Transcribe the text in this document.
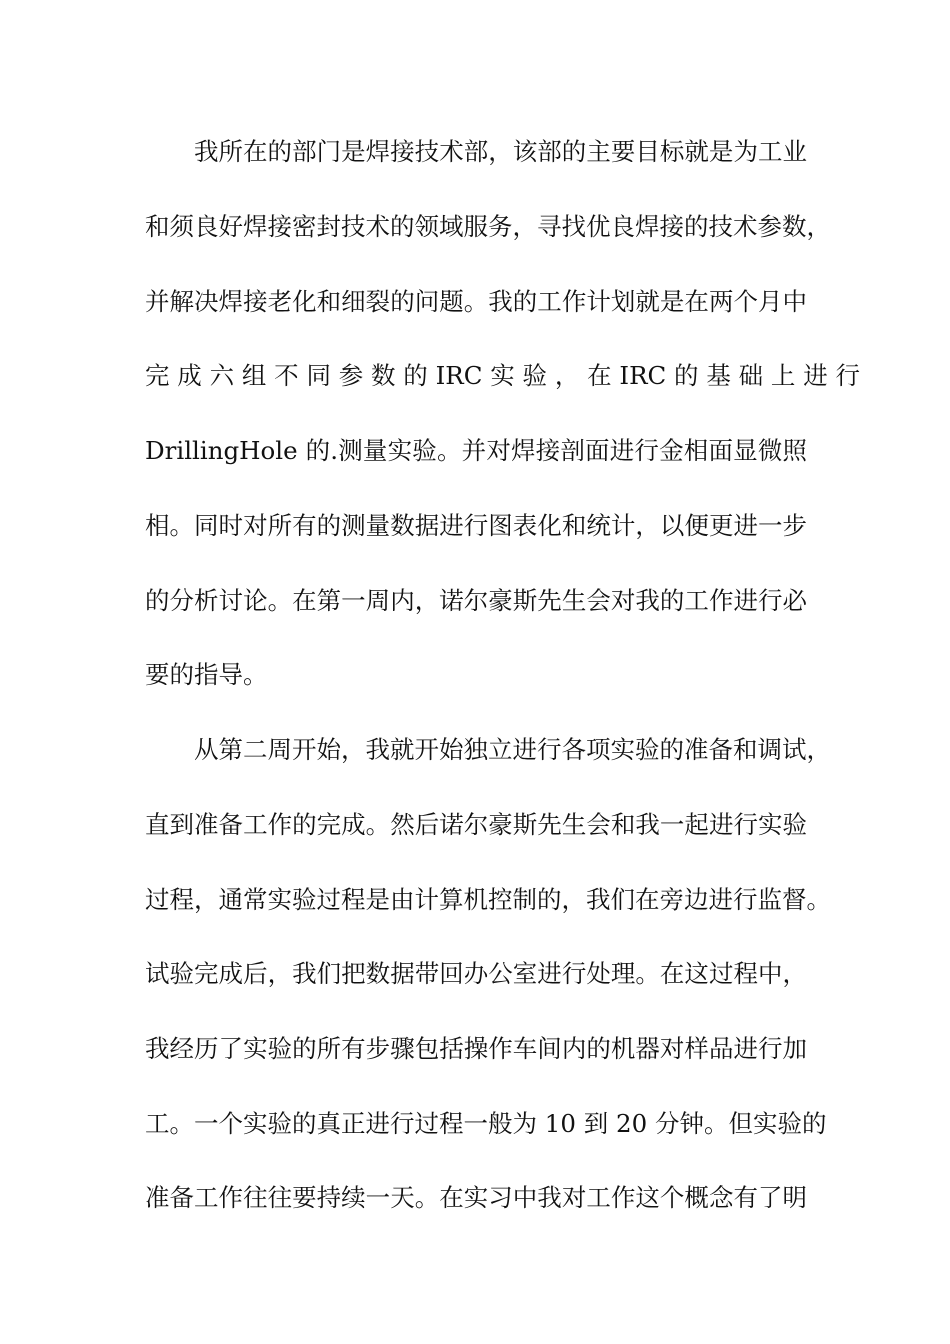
我所在的部门是焊接技术部，该部的主要目标就是为工业
和须良好焊接密封技术的领域服务，寻找优良焊接的技术参数，
并解决焊接老化和细裂的问题。我的工作计划就是在两个月中
完 成 六 组 不 同 参 数 的 IRC 实 验 ， 在 IRC 的 基 础 上 进 行
DrillingHole 的.测量实验。并对焊接剖面进行金相面显微照
相。同时对所有的测量数据进行图表化和统计，以便更进一步
的分析讨论。在第一周内，诺尔豪斯先生会对我的工作进行必
要的指导。
从第二周开始，我就开始独立进行各项实验的准备和调试，
直到准备工作的完成。然后诺尔豪斯先生会和我一起进行实验
过程，通常实验过程是由计算机控制的，我们在旁边进行监督。
试验完成后，我们把数据带回办公室进行处理。在这过程中，
我经历了实验的所有步骤包括操作车间内的机器对样品进行加
工。一个实验的真正进行过程一般为 10 到 20 分钟。但实验的
准备工作往往要持续一天。在实习中我对工作这个概念有了明
